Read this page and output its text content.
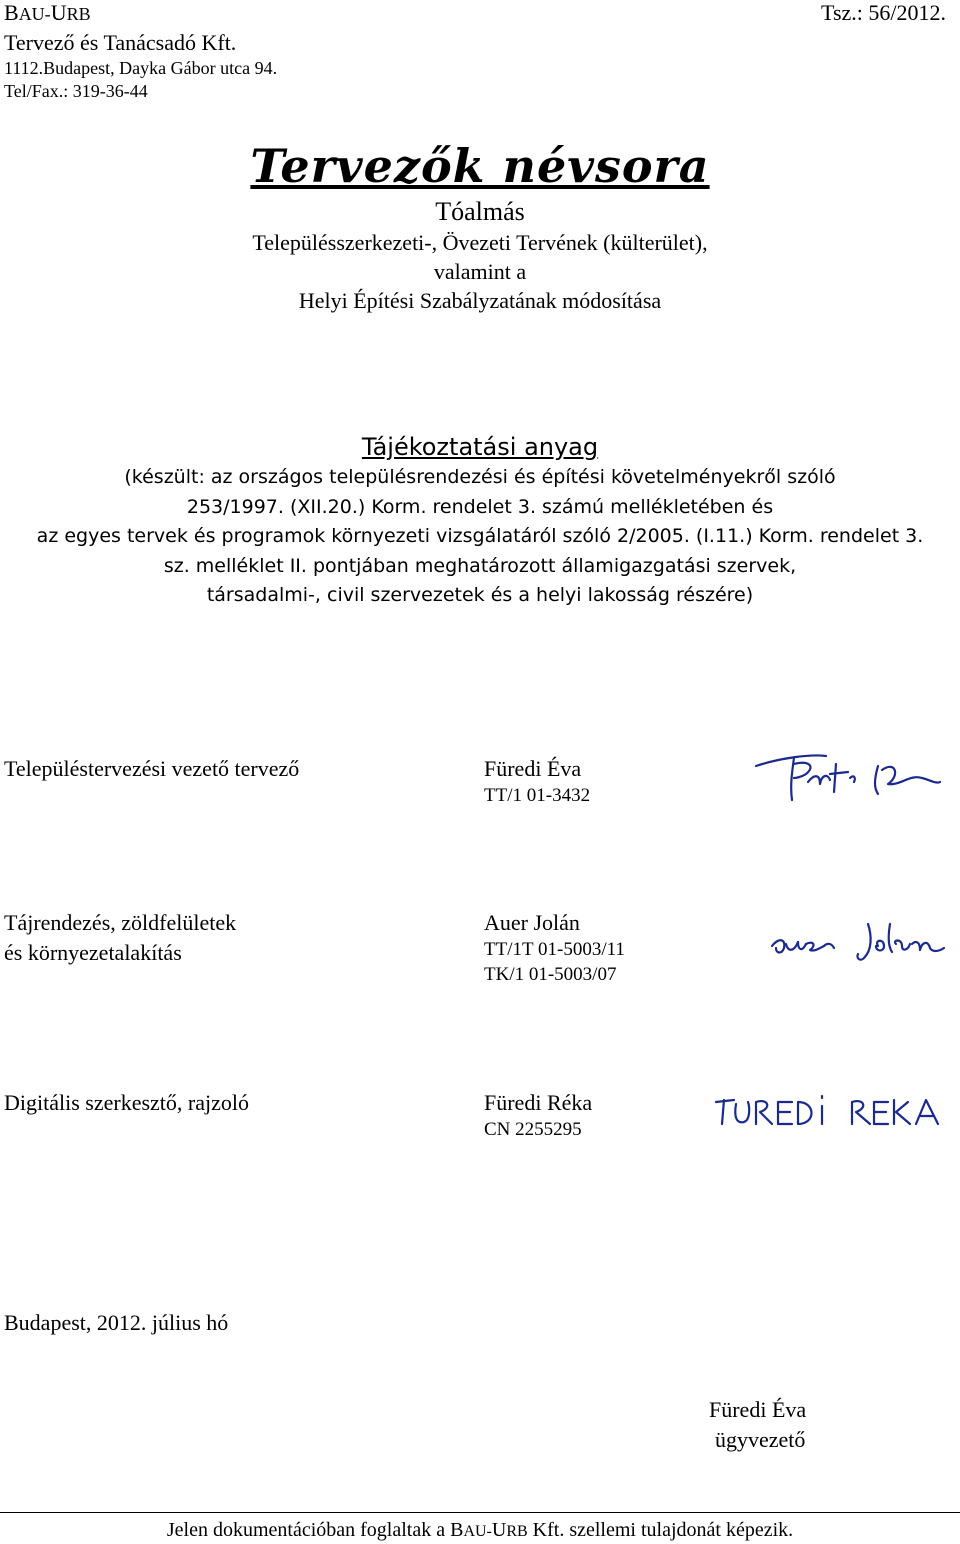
BAU-URB
Tervező és Tanácsadó Kft.
1112.Budapest, Dayka Gábor utca 94.
Tel/Fax.: 319-36-44
Tsz.: 56/2012.
Tervezők névsora
Tóalmás
Településszerkezeti-, Övezeti Tervének (külterület),
valamint a
Helyi Építési Szabályzatának módosítása
Tájékoztatási anyag
(készült: az országos településrendezési és építési követelményekről szóló
253/1997. (XII.20.) Korm. rendelet 3. számú mellékletében és
az egyes tervek és programok környezeti vizsgálatáról szóló 2/2005. (I.11.) Korm. rendelet 3.
sz. melléklet II. pontjában meghatározott államigazgatási szervek,
társadalmi-, civil szervezetek és a helyi lakosság részére)
Településtervezési vezető tervező	Füredi Éva
TT/1 01-3432
Tájrendezés, zöldfelületek
és környezetalakítás
Auer Jolán
TT/1T 01-5003/11
TK/1 01-5003/07
Digitális szerkesztő, rajzoló	Füredi Réka
CN 2255295
Budapest, 2012. július hó
Füredi Éva
ügyvezető
Jelen dokumentációban foglaltak a BAU-URB Kft. szellemi tulajdonát képezik.
